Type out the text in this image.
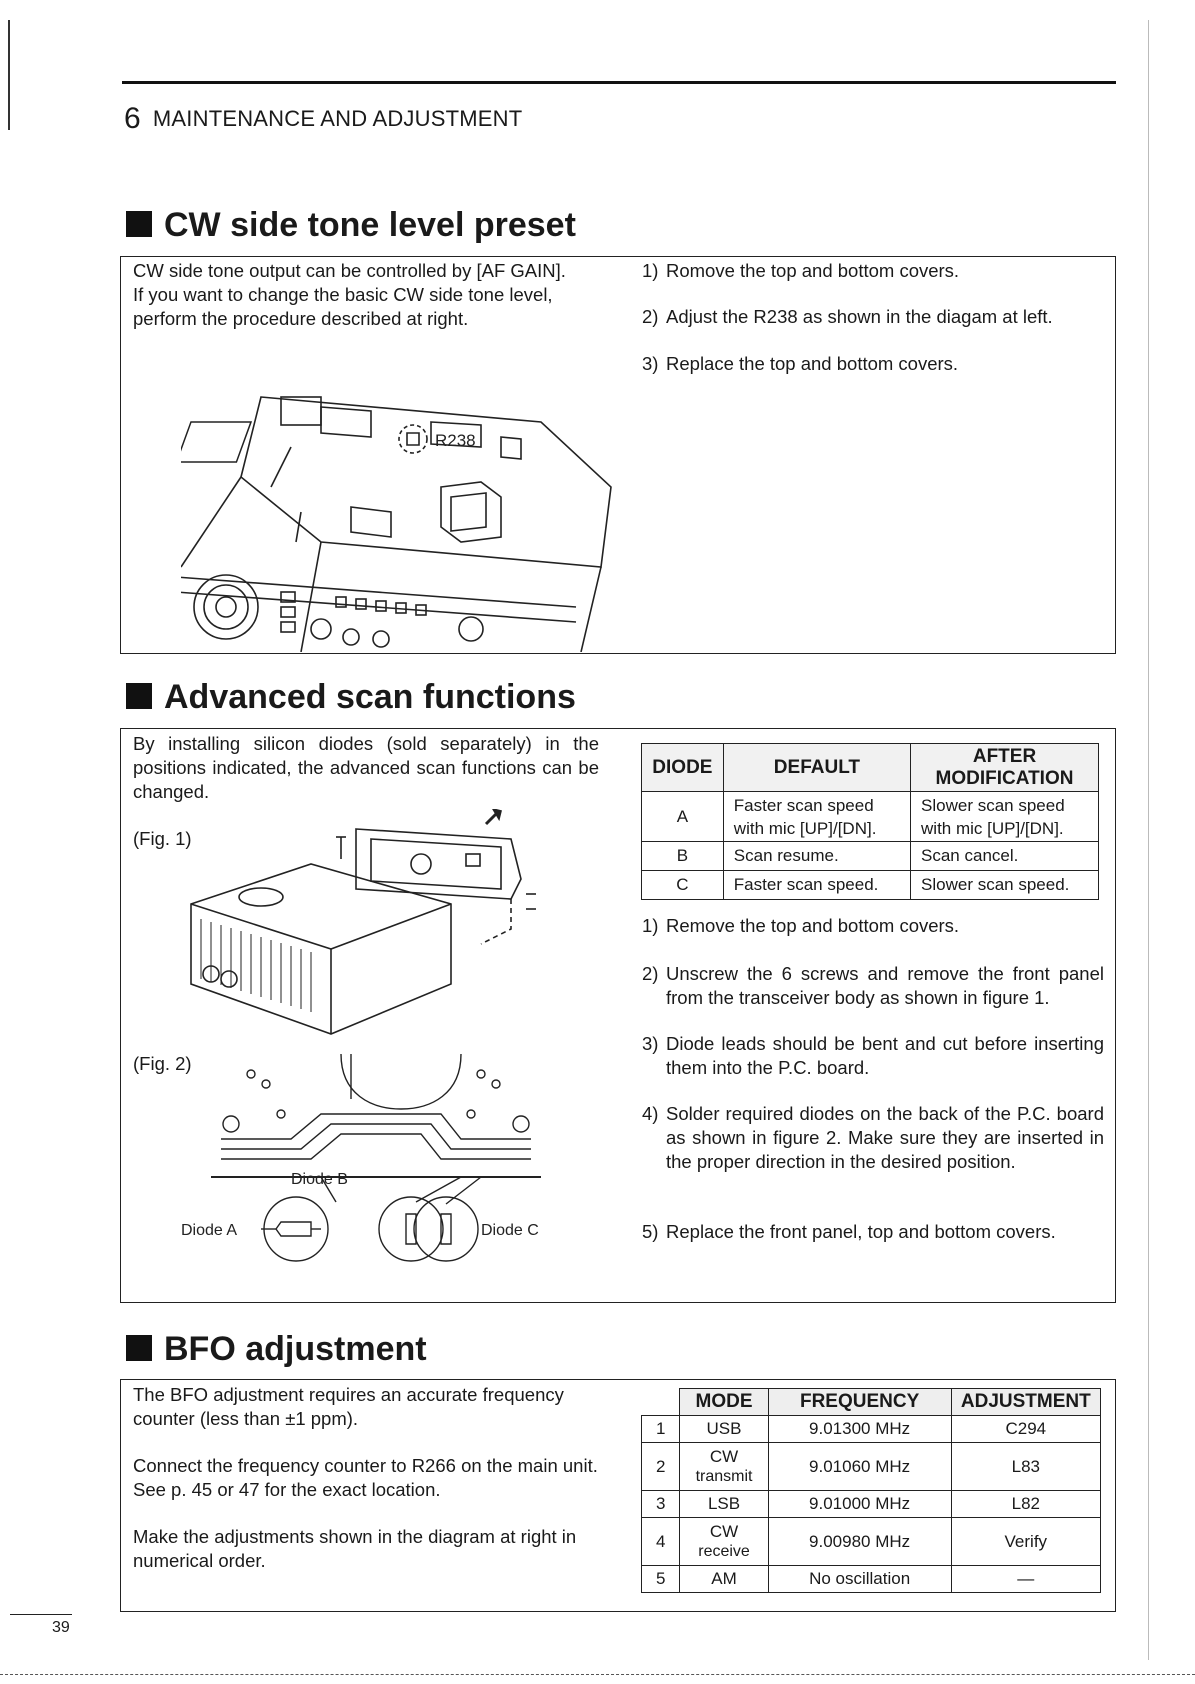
6 MAINTENANCE AND ADJUSTMENT
CW side tone level preset
CW side tone output can be controlled by [AF GAIN].
If you want to change the basic CW side tone level,
perform the procedure described at right.
1) Romove the top and bottom covers.
2) Adjust the R238 as shown in the diagam at left.
3) Replace the top and bottom covers.
R238
Advanced scan functions
By installing silicon diodes (sold separately) in the positions indicated, the advanced scan functions can be changed.
(Fig. 1)
(Fig. 2)
Diode B
Diode A	Diode C
DIODE	DEFAULT	AFTER MODIFICATION
A	Faster scan speed with mic [UP]/[DN].	Slower scan speed with mic [UP]/[DN].
B	Scan resume.	Scan cancel.
C	Faster scan speed.	Slower scan speed.
1) Remove the top and bottom covers.
2) Unscrew the 6 screws and remove the front panel from the transceiver body as shown in figure 1.
3) Diode leads should be bent and cut before inserting them into the P.C. board.
4) Solder required diodes on the back of the P.C. board as shown in figure 2. Make sure they are inserted in the proper direction in the desired position.
5) Replace the front panel, top and bottom covers.
BFO adjustment
The BFO adjustment requires an accurate frequency counter (less than ±1 ppm).
Connect the frequency counter to R266 on the main unit. See p. 45 or 47 for the exact location.
Make the adjustments shown in the diagram at right in numerical order.
	MODE	FREQUENCY	ADJUSTMENT
1	USB	9.01300 MHz	C294
2	CW
transmit	9.01060 MHz	L83
3	LSB	9.01000 MHz	L82
4	CW
receive	9.00980 MHz	Verify
5	AM	No oscillation	—
39
